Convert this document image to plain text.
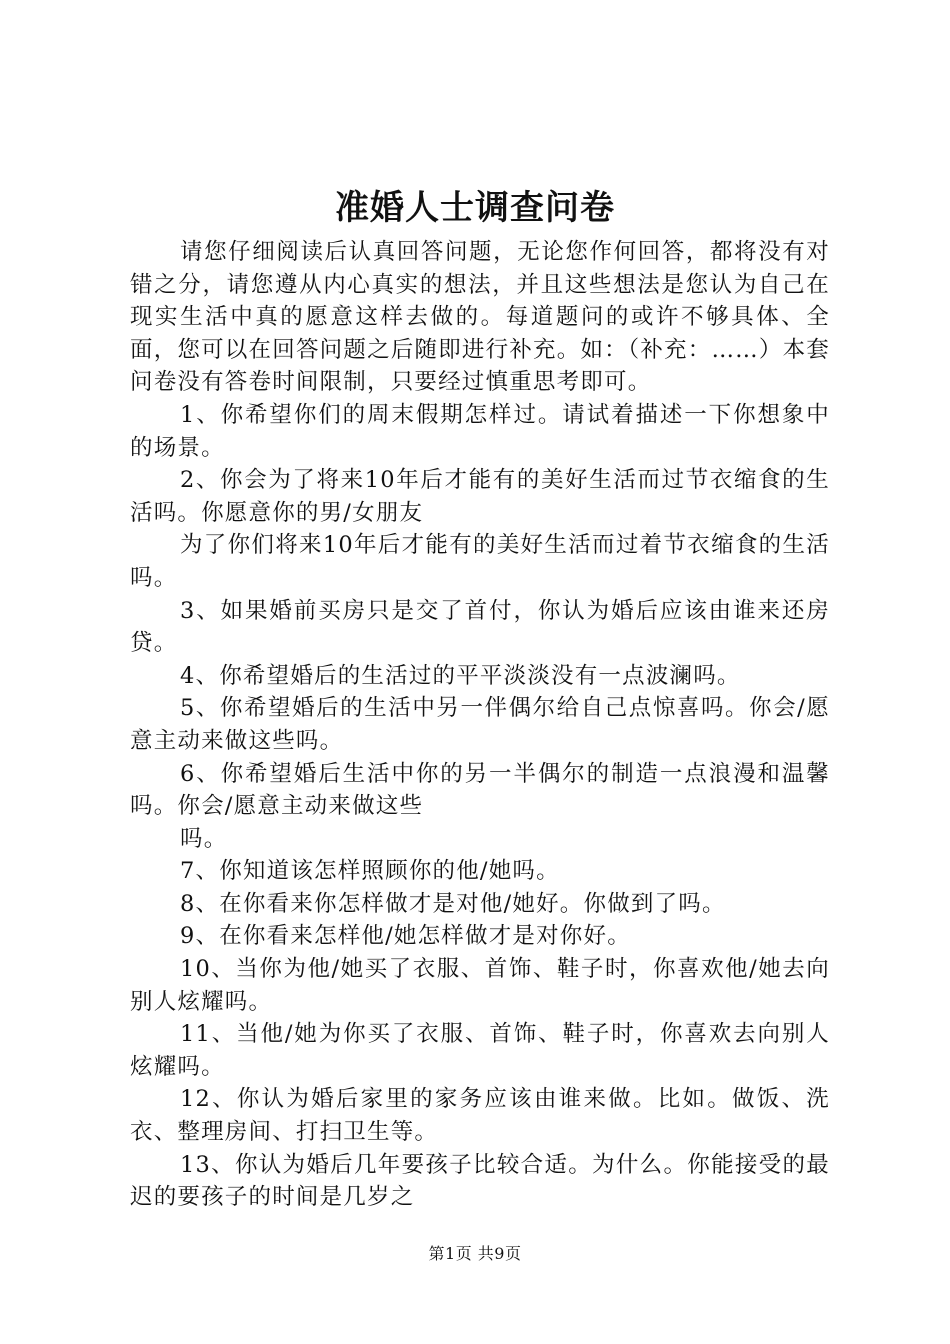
准婚人士调查问卷

请您仔细阅读后认真回答问题，无论您作何回答，都将没有对错之分，请您遵从内心真实的想法，并且这些想法是您认为自己在现实生活中真的愿意这样去做的。每道题问的或许不够具体、全面，您可以在回答问题之后随即进行补充。如：（补充：……）本套问卷没有答卷时间限制，只要经过慎重思考即可。

1、你希望你们的周末假期怎样过。请试着描述一下你想象中的场景。

2、你会为了将来10年后才能有的美好生活而过节衣缩食的生活吗。你愿意你的男/女朋友

为了你们将来10年后才能有的美好生活而过着节衣缩食的生活吗。

3、如果婚前买房只是交了首付，你认为婚后应该由谁来还房贷。

4、你希望婚后的生活过的平平淡淡没有一点波澜吗。

5、你希望婚后的生活中另一伴偶尔给自己点惊喜吗。你会/愿意主动来做这些吗。

6、你希望婚后生活中你的另一半偶尔的制造一点浪漫和温馨吗。你会/愿意主动来做这些

吗。

7、你知道该怎样照顾你的他/她吗。

8、在你看来你怎样做才是对他/她好。你做到了吗。

9、在你看来怎样他/她怎样做才是对你好。

10、当你为他/她买了衣服、首饰、鞋子时，你喜欢他/她去向别人炫耀吗。

11、当他/她为你买了衣服、首饰、鞋子时，你喜欢去向别人炫耀吗。

12、你认为婚后家里的家务应该由谁来做。比如。做饭、洗衣、整理房间、打扫卫生等。

13、你认为婚后几年要孩子比较合适。为什么。你能接受的最迟的要孩子的时间是几岁之

第1页 共9页
